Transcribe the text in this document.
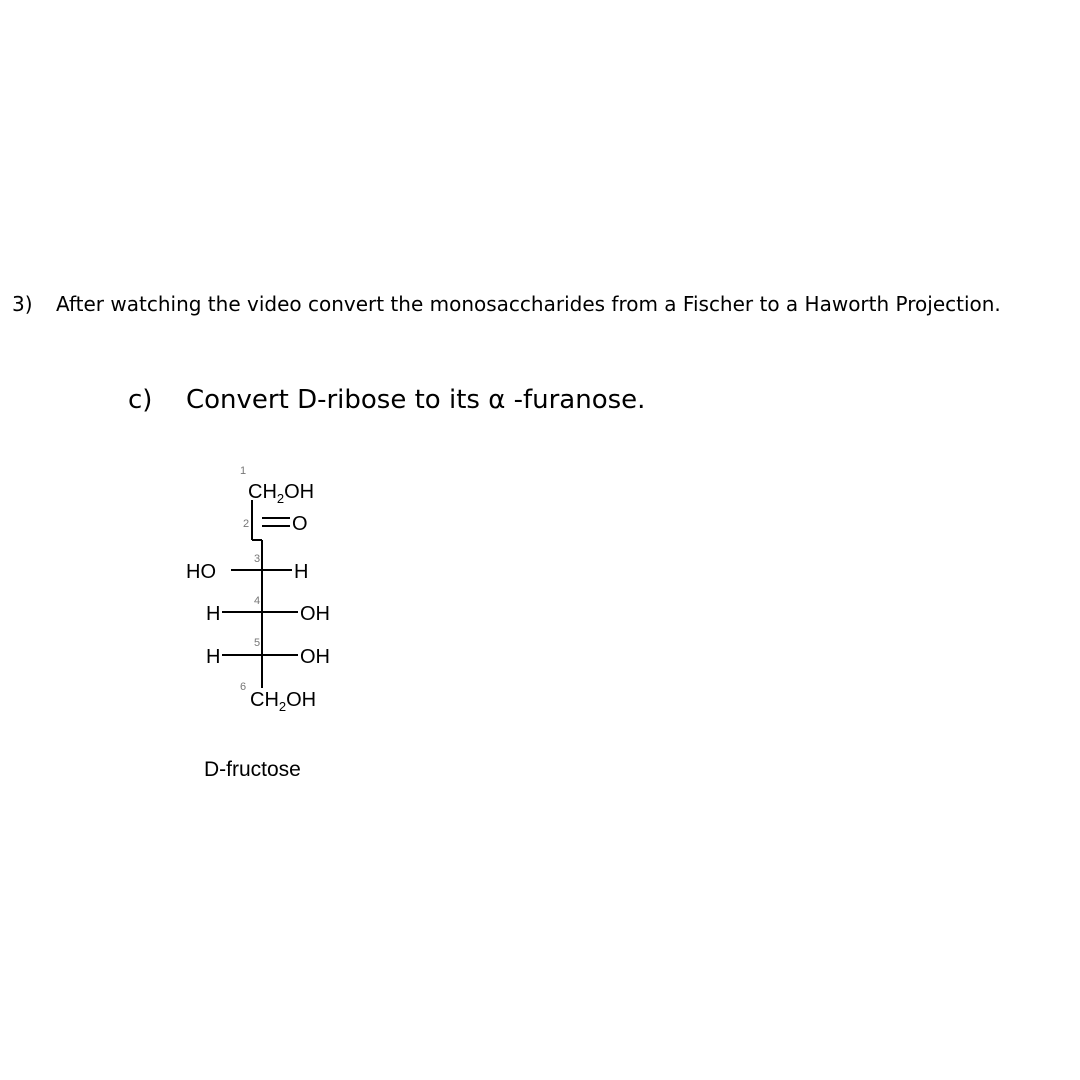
3) After watching the video convert the monosaccharides from a Fischer to a Haworth Projection.
c) Convert D-ribose to its α -furanose.
1
2
3
4
5
6
$CH_2OH$
O
HO	H
H	OH
H	OH
$CH_2OH$
D-fructose
